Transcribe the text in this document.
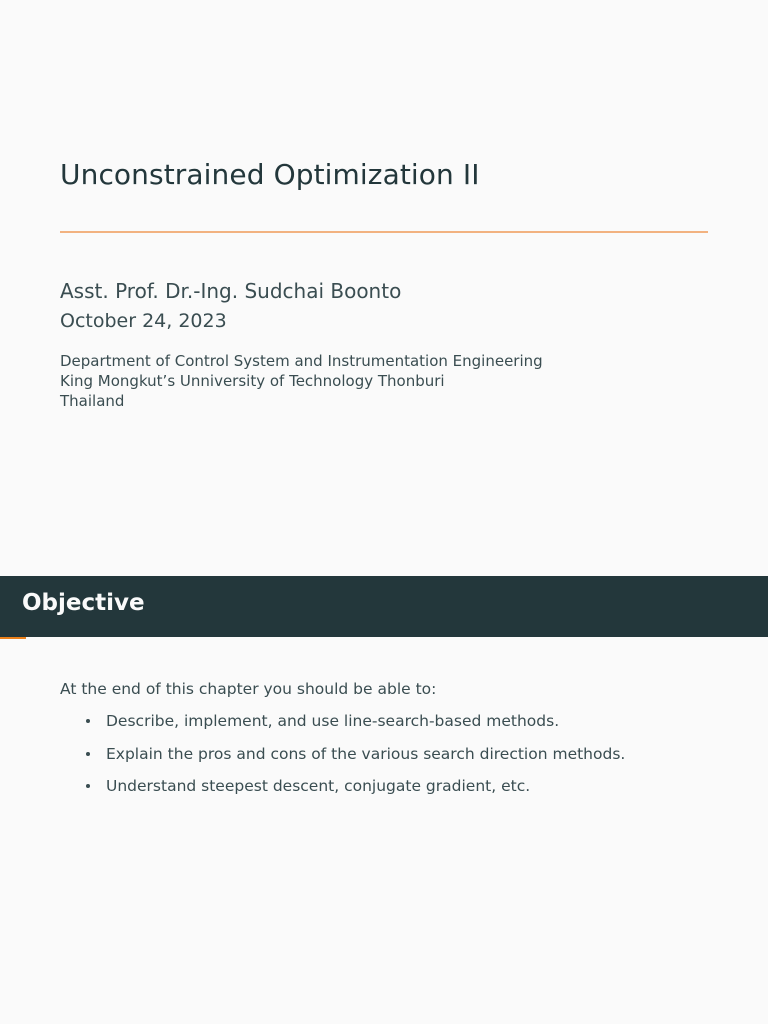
Unconstrained Optimization II
Asst. Prof. Dr.-Ing. Sudchai Boonto
October 24, 2023
Department of Control System and Instrumentation Engineering
King Mongkut’s Unniversity of Technology Thonburi
Thailand
Objective

At the end of this chapter you should be able to:

Describe, implement, and use line-search-based methods.
Explain the pros and cons of the various search direction methods.
Understand steepest descent, conjugate gradient, etc.
